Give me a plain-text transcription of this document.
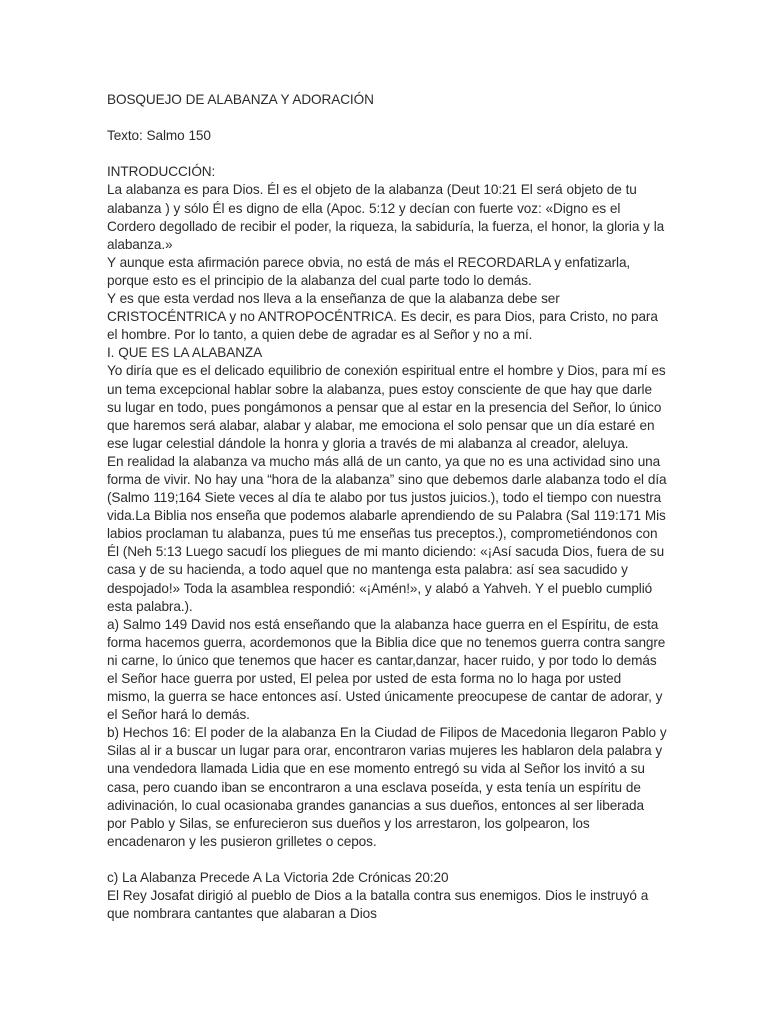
BOSQUEJO DE ALABANZA Y ADORACIÓN

Texto: Salmo 150

INTRODUCCIÓN:

La alabanza es para Dios. Él es el objeto de la alabanza (Deut 10:21 El será objeto de tu alabanza ) y sólo Él es digno de ella (Apoc. 5:12 y decían con fuerte voz: «Digno es el Cordero degollado de recibir el poder, la riqueza, la sabiduría, la fuerza, el honor, la gloria y la alabanza.»

Y aunque esta afirmación parece obvia, no está de más el RECORDARLA y enfatizarla, porque esto es el principio de la alabanza del cual parte todo lo demás.

Y es que esta verdad nos lleva a la enseñanza de que la alabanza debe ser CRISTOCÉNTRICA y no ANTROPOCÉNTRICA. Es decir, es para Dios, para Cristo, no para el hombre. Por lo tanto, a quien debe de agradar es al Señor y no a mí.

I. QUE ES LA ALABANZA

Yo diría que es el delicado equilibrio de conexión espiritual entre el hombre y Dios, para mí es un tema excepcional hablar sobre la alabanza, pues estoy consciente de que hay que darle su lugar en todo, pues pongámonos a pensar que al estar en la presencia del Señor, lo único que haremos será alabar, alabar y alabar, me emociona el solo pensar que un día estaré en ese lugar celestial dándole la honra y gloria a través de mi alabanza al creador, aleluya.

En realidad la alabanza va mucho más allá de un canto, ya que no es una actividad sino una forma de vivir. No hay una “hora de la alabanza” sino que debemos darle alabanza todo el día (Salmo 119;164 Siete veces al día te alabo por tus justos juicios.), todo el tiempo con nuestra vida.La Biblia nos enseña que podemos alabarle aprendiendo de su Palabra (Sal 119:171 Mis labios proclaman tu alabanza, pues tú me enseñas tus preceptos.), comprometiéndonos con Él (Neh 5:13 Luego sacudí los pliegues de mi manto diciendo: «¡Así sacuda Dios, fuera de su casa y de su hacienda, a todo aquel que no mantenga esta palabra: así sea sacudido y despojado!» Toda la asamblea respondió: «¡Amén!», y alabó a Yahveh. Y el pueblo cumplió esta palabra.).

a) Salmo 149 David nos está enseñando que la alabanza hace guerra en el Espíritu, de esta forma hacemos guerra, acordemonos que la Biblia dice que no tenemos guerra contra sangre ni carne, lo único que tenemos que hacer es cantar,danzar, hacer ruido, y por todo lo demás el Señor hace guerra por usted, El pelea por usted de esta forma no lo haga por usted mismo, la guerra se hace entonces así. Usted únicamente preocupese de cantar de adorar, y el Señor hará lo demás.

b) Hechos 16: El poder de la alabanza En la Ciudad de Filipos de Macedonia llegaron Pablo y Silas al ir a buscar un lugar para orar, encontraron varias mujeres les hablaron dela palabra y una vendedora llamada Lidia que en ese momento entregó su vida al Señor los invitó a su casa, pero cuando iban se encontraron a una esclava poseída, y esta tenía un espíritu de adivinación, lo cual ocasionaba grandes ganancias a sus dueños, entonces al ser liberada por Pablo y Silas, se enfurecieron sus dueños y los arrestaron, los golpearon, los encadenaron y les pusieron grilletes o cepos.

c) La Alabanza Precede A La Victoria 2de Crónicas 20:20

El Rey Josafat dirigió al pueblo de Dios a la batalla contra sus enemigos. Dios le instruyó a que nombrara cantantes que alabaran a Dios
